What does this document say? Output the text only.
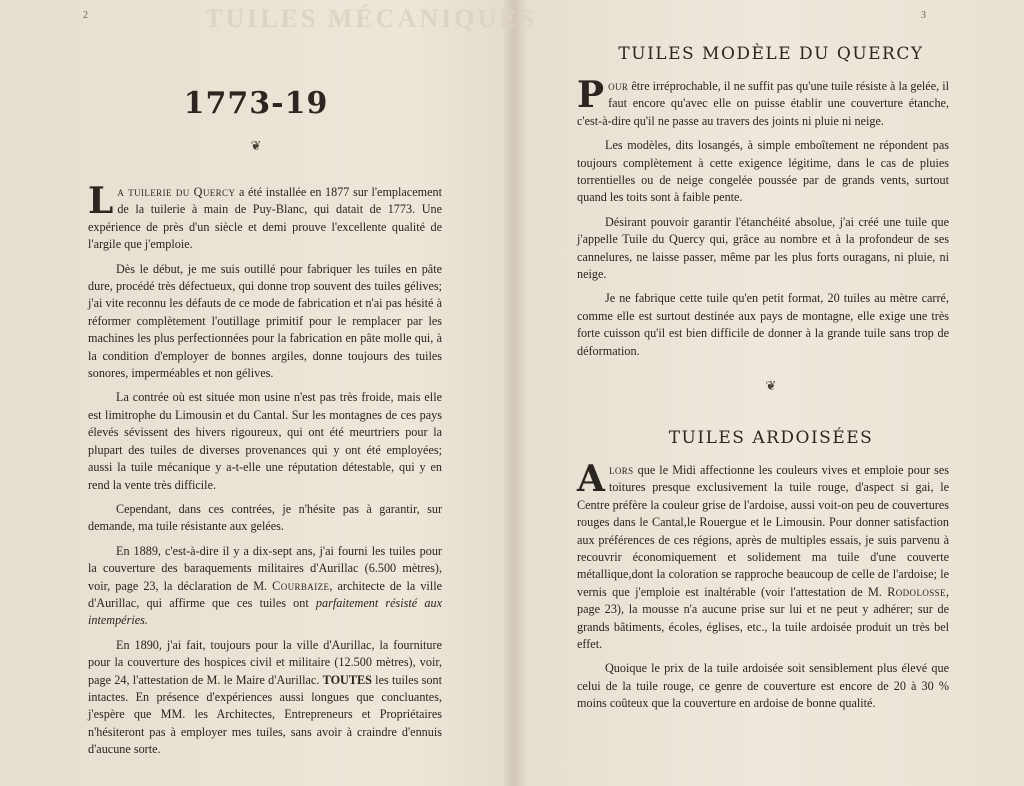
2	TUILES MÉCANIQUES
1773-19
❦

La tuilerie du Quercy a été installée en 1877 sur l'emplacement de la tuilerie à main de Puy-Blanc, qui datait de 1773. Une expérience de près d'un siècle et demi prouve l'excellente qualité de l'argile que j'emploie.

Dès le début, je me suis outillé pour fabriquer les tuiles en pâte dure, procédé très défectueux, qui donne trop souvent des tuiles gélives; j'ai vite reconnu les défauts de ce mode de fabrication et n'ai pas hésité à réformer complètement l'outillage primitif pour le remplacer par les machines les plus perfectionnées pour la fabrication en pâte molle qui, à la condition d'employer de bonnes argiles, donne toujours des tuiles sonores, imperméables et non gélives.

La contrée où est située mon usine n'est pas très froide, mais elle est limitrophe du Limousin et du Cantal. Sur les montagnes de ces pays élevés sévissent des hivers rigoureux, qui ont été meurtriers pour la plupart des tuiles de diverses provenances qui y ont été employées; aussi la tuile mécanique y a-t-elle une réputation détestable, qui y en rend la vente très difficile.

Cependant, dans ces contrées, je n'hésite pas à garantir, sur demande, ma tuile résistante aux gelées.

En 1889, c'est-à-dire il y a dix-sept ans, j'ai fourni les tuiles pour la couverture des baraquements militaires d'Aurillac (6.500 mètres), voir, page 23, la déclaration de M. Courbaize, architecte de la ville d'Aurillac, qui affirme que ces tuiles ont parfaitement résisté aux intempéries.

En 1890, j'ai fait, toujours pour la ville d'Aurillac, la fourniture pour la couverture des hospices civil et militaire (12.500 mètres), voir, page 24, l'attestation de M. le Maire d'Aurillac. TOUTES les tuiles sont intactes. En présence d'expériences aussi longues que concluantes, j'espère que MM. les Architectes, Entrepreneurs et Propriétaires n'hésiteront pas à employer mes tuiles, sans avoir à craindre d'ennuis d'aucune sorte.

3
TUILES MODÈLE DU QUERCY

Pour être irréprochable, il ne suffit pas qu'une tuile résiste à la gelée, il faut encore qu'avec elle on puisse établir une couverture étanche, c'est-à-dire qu'il ne passe au travers des joints ni pluie ni neige.

Les modèles, dits losangés, à simple emboîtement ne répondent pas toujours complètement à cette exigence légitime, dans le cas de pluies torrentielles ou de neige congelée poussée par de grands vents, surtout quand les toits sont à faible pente.

Désirant pouvoir garantir l'étanchéité absolue, j'ai créé une tuile que j'appelle Tuile du Quercy qui, grâce au nombre et à la profondeur de ses cannelures, ne laisse passer, même par les plus forts ouragans, ni pluie, ni neige.

Je ne fabrique cette tuile qu'en petit format, 20 tuiles au mètre carré, comme elle est surtout destinée aux pays de montagne, elle exige une très forte cuisson qu'il est bien difficile de donner à la grande tuile sans trop de déformation.

❦
TUILES ARDOISÉES

Alors que le Midi affectionne les couleurs vives et emploie pour ses toitures presque exclusivement la tuile rouge, d'aspect si gai, le Centre préfère la couleur grise de l'ardoise, aussi voit-on peu de couvertures rouges dans le Cantal,le Rouergue et le Limousin. Pour donner satisfaction aux préférences de ces régions, après de multiples essais, je suis parvenu à recouvrir économiquement et solidement ma tuile d'une couverte métallique,dont la coloration se rapproche beaucoup de celle de l'ardoise; le vernis que j'emploie est inaltérable (voir l'attestation de M. Rodolosse, page 23), la mousse n'a aucune prise sur lui et ne peut y adhérer; sur de grands bâtiments, écoles, églises, etc., la tuile ardoisée produit un très bel effet.

Quoique le prix de la tuile ardoisée soit sensiblement plus élevé que celui de la tuile rouge, ce genre de couverture est encore de 20 à 30 % moins coûteux que la couverture en ardoise de bonne qualité.
